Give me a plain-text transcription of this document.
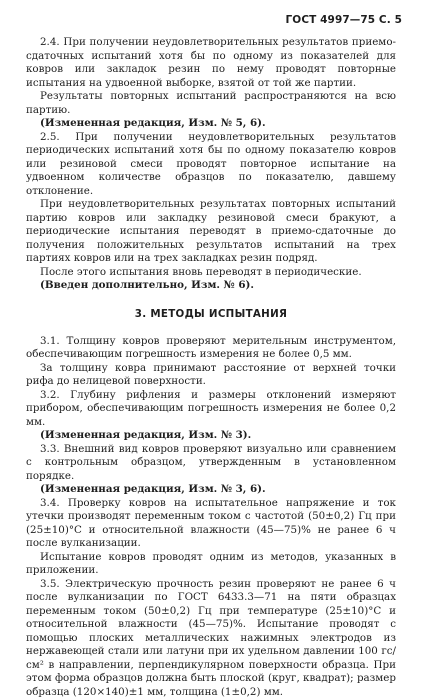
ГОСТ 4997—75 С. 5

2.4. При получении неудовлетворительных результатов приемо-сдаточных испытаний хотя бы по одному из показателей для ковров или закладок резин по нему проводят повторные испытания на удвоенной выборке, взятой от той же партии.

Результаты повторных испытаний распространяются на всю партию.

(Измененная редакция, Изм. № 5, 6).

2.5. При получении неудовлетворительных результатов периодических испытаний хотя бы по одному показателю ковров или резиновой смеси проводят повторное испытание на удвоенном количестве образцов по показателю, давшему отклонение.

При неудовлетворительных результатах повторных испытаний партию ковров или закладку резиновой смеси бракуют, а периодические испытания переводят в приемо-сдаточные до получения положительных результатов испытаний на трех партиях ковров или на трех закладках резин подряд.

После этого испытания вновь переводят в периодические.

(Введен дополнительно, Изм. № 6).

3. МЕТОДЫ ИСПЫТАНИЯ

3.1. Толщину ковров проверяют мерительным инструментом, обеспечивающим погрешность измерения не более 0,5 мм.

За толщину ковра принимают расстояние от верхней точки рифа до нелицевой поверхности.

3.2. Глубину рифления и размеры отклонений измеряют прибором, обеспечивающим погрешность измерения не более 0,2 мм.

(Измененная редакция, Изм. № 3).

3.3. Внешний вид ковров проверяют визуально или сравнением с контрольным образцом, утвержденным в установленном порядке.

(Измененная редакция, Изм. № 3, 6).

3.4. Проверку ковров на испытательное напряжение и ток утечки производят переменным током с частотой (50±0,2) Гц при (25±10)°С и относительной влажности (45—75)% не ранее 6 ч после вулканизации.

Испытание ковров проводят одним из методов, указанных в приложении.

3.5. Электрическую прочность резин проверяют не ранее 6 ч после вулканизации по ГОСТ 6433.3—71 на пяти образцах переменным током (50±0,2) Гц при температуре (25±10)°С и относительной влажности (45—75)%. Испытание проводят с помощью плоских металлических нажимных электродов из нержавеющей стали или латуни при их удельном давлении 100 гс/см² в направлении, перпендикулярном поверхности образца. При этом форма образцов должна быть плоской (круг, квадрат); размер образца (120×140)±1 мм, толщина (1±0,2) мм.
